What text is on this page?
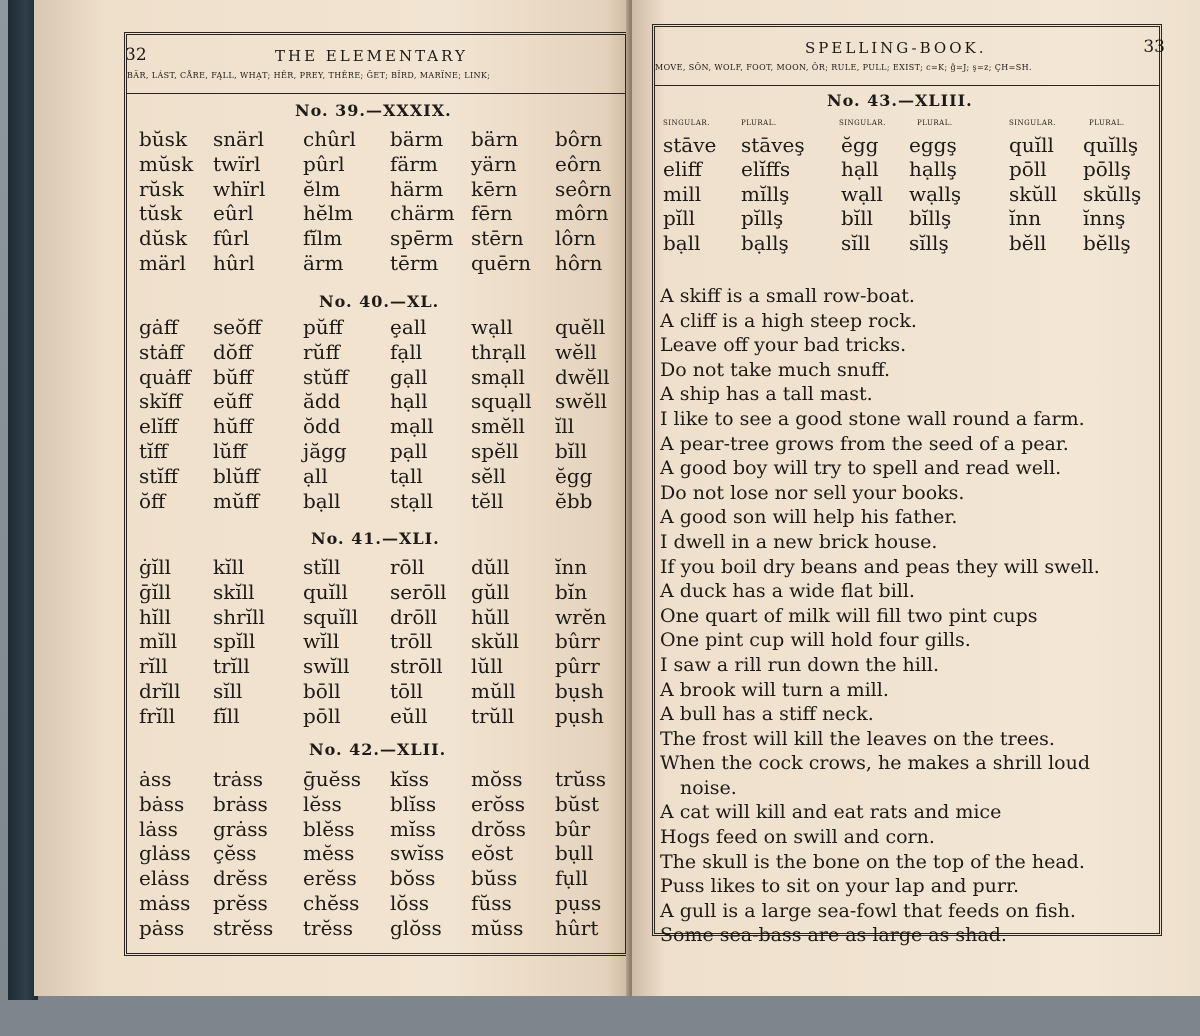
32	THE ELEMENTARY
BÄR, LÁST, CÅRE, FĄLL, WHẠT; HÊR, PREY, THÊRE; ĞET; BÏRD, MARÏNE; LINK;
No. 39.—XXXIX.
bŭsk snärl chûrl bärm bärn bôrn
mŭsk twïrl pûrl färm yärn eôrn
rŭsk whïrl ĕlm härm kērn seôrn
tŭsk eûrl hĕlm chärm fērn môrn
dŭsk fûrl	fĭlm spērm stērn lôrn
märl hûrl ärm tērm quērn hôrn
No. 40.—XL.
gȧff seŏff pŭff ȩall wạll quĕll
stȧff dŏff	rŭff	fạll thrạll wĕll
quȧff bŭff	stŭff gạll smạll dwĕll
skĭff eŭff	ădd hạll squạll swĕll
elĭff hŭff	ŏdd mạll smĕll ĭll
tĭff lŭff	jăgg pạll spĕll bĭll
stĭff blŭff ạll	tạll sĕll ĕgg
ŏff mŭff bạll stạll tĕll	ĕbb
No. 41.—XLI.
ġĭll kĭll	stĭll rōll dŭll ĭnn
ḡĭll skĭll quĭll serōll gŭll bĭn
hĭll shrĭll squĭll drōll hŭll wrĕn
mĭll spĭll wĭll	trōll skŭll bûrr
rĭll trĭll	swĭll strōll lŭll	pûrr
drĭll sĭll	bōll tōll mŭll bụsh
frĭll fĭll	pōll eŭll trŭll pụsh
No. 42.—XLII.
ȧss trȧss ḡuĕss kĭss mŏss trŭss
bȧss brȧss lĕss blĭss erŏss bŭst
lȧss grȧss blĕss mĭss drŏss bûr
glȧss çĕss mĕss swĭss eŏst bụll
elȧss drĕss erĕss bŏss bŭss fụll
mȧss prĕss chĕss lŏss fŭss pụss
pȧss strĕss trĕss glŏss mŭss hûrt
SPELLING-BOOK.	33
MOVE, SŎN, WOLF, FOOT, MOON, ÔR; RULE, PULL; EXIST; c=K; ĝ=J; ş=z; ÇH=SH.
No. 43.—XLIII.
SINGULAR.	PLURAL.	SINGULAR.	PLURAL.	SINGULAR.	PLURAL.
stāve stāveş ĕgg eggş	quĭll quĭllş
eliff elĭffs	hạll hạllş	pōll pōllş
mill mĭllş	wạll wạllş skŭll skŭllş
pĭll pĭllş	bĭll bĭllş	ĭnn ĭnnş
bạll bạllş	sĭll sĭllş	bĕll bĕllş
A skiff is a small row-boat.
A cliff is a high steep rock.
Leave off your bad tricks.
Do not take much snuff.
A ship has a tall mast.
I like to see a good stone wall round a farm.
A pear-tree grows from the seed of a pear.
A good boy will try to spell and read well.
Do not lose nor sell your books.
A good son will help his father.
I dwell in a new brick house.
If you boil dry beans and peas they will swell.
A duck has a wide flat bill.
One quart of milk will fill two pint cups
One pint cup will hold four gills.
I saw a rill run down the hill.
A brook will turn a mill.
A bull has a stiff neck.
The frost will kill the leaves on the trees.
When the cock crows, he makes a shrill loud
noise.
A cat will kill and eat rats and mice
Hogs feed on swill and corn.
The skull is the bone on the top of the head.
Puss likes to sit on your lap and purr.
A gull is a large sea-fowl that feeds on fish.
Some sea-bass are as large as shad.
